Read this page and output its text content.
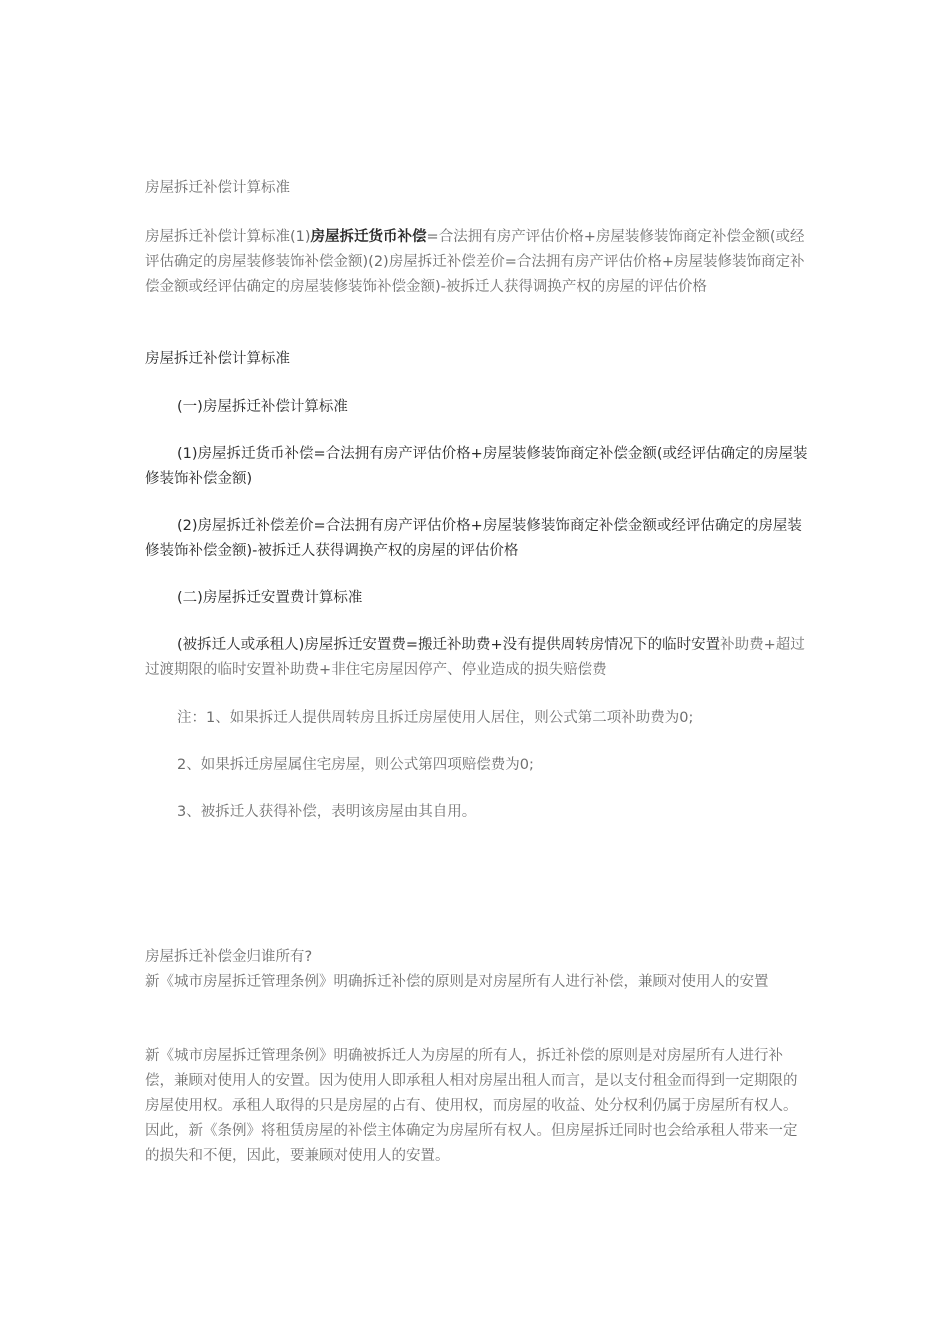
房屋拆迁补偿计算标准

房屋拆迁补偿计算标准(1)房屋拆迁货币补偿=合法拥有房产评估价格+房屋装修装饰商定补偿金额(或经评估确定的房屋装修装饰补偿金额)(2)房屋拆迁补偿差价=合法拥有房产评估价格+房屋装修装饰商定补偿金额或经评估确定的房屋装修装饰补偿金额)-被拆迁人获得调换产权的房屋的评估价格

房屋拆迁补偿计算标准

(一)房屋拆迁补偿计算标准

(1)房屋拆迁货币补偿=合法拥有房产评估价格+房屋装修装饰商定补偿金额(或经评估确定的房屋装修装饰补偿金额)

(2)房屋拆迁补偿差价=合法拥有房产评估价格+房屋装修装饰商定补偿金额或经评估确定的房屋装修装饰补偿金额)-被拆迁人获得调换产权的房屋的评估价格

(二)房屋拆迁安置费计算标准

(被拆迁人或承租人)房屋拆迁安置费=搬迁补助费+没有提供周转房情况下的临时安置补助费+超过过渡期限的临时安置补助费+非住宅房屋因停产、停业造成的损失赔偿费

注：1、如果拆迁人提供周转房且拆迁房屋使用人居住，则公式第二项补助费为0;

2、如果拆迁房屋属住宅房屋，则公式第四项赔偿费为0;

3、被拆迁人获得补偿，表明该房屋由其自用。

房屋拆迁补偿金归谁所有?

新《城市房屋拆迁管理条例》明确拆迁补偿的原则是对房屋所有人进行补偿，兼顾对使用人的安置

新《城市房屋拆迁管理条例》明确被拆迁人为房屋的所有人，拆迁补偿的原则是对房屋所有人进行补偿，兼顾对使用人的安置。因为使用人即承租人相对房屋出租人而言，是以支付租金而得到一定期限的房屋使用权。承租人取得的只是房屋的占有、使用权，而房屋的收益、处分权利仍属于房屋所有权人。因此，新《条例》将租赁房屋的补偿主体确定为房屋所有权人。但房屋拆迁同时也会给承租人带来一定的损失和不便，因此，要兼顾对使用人的安置。
